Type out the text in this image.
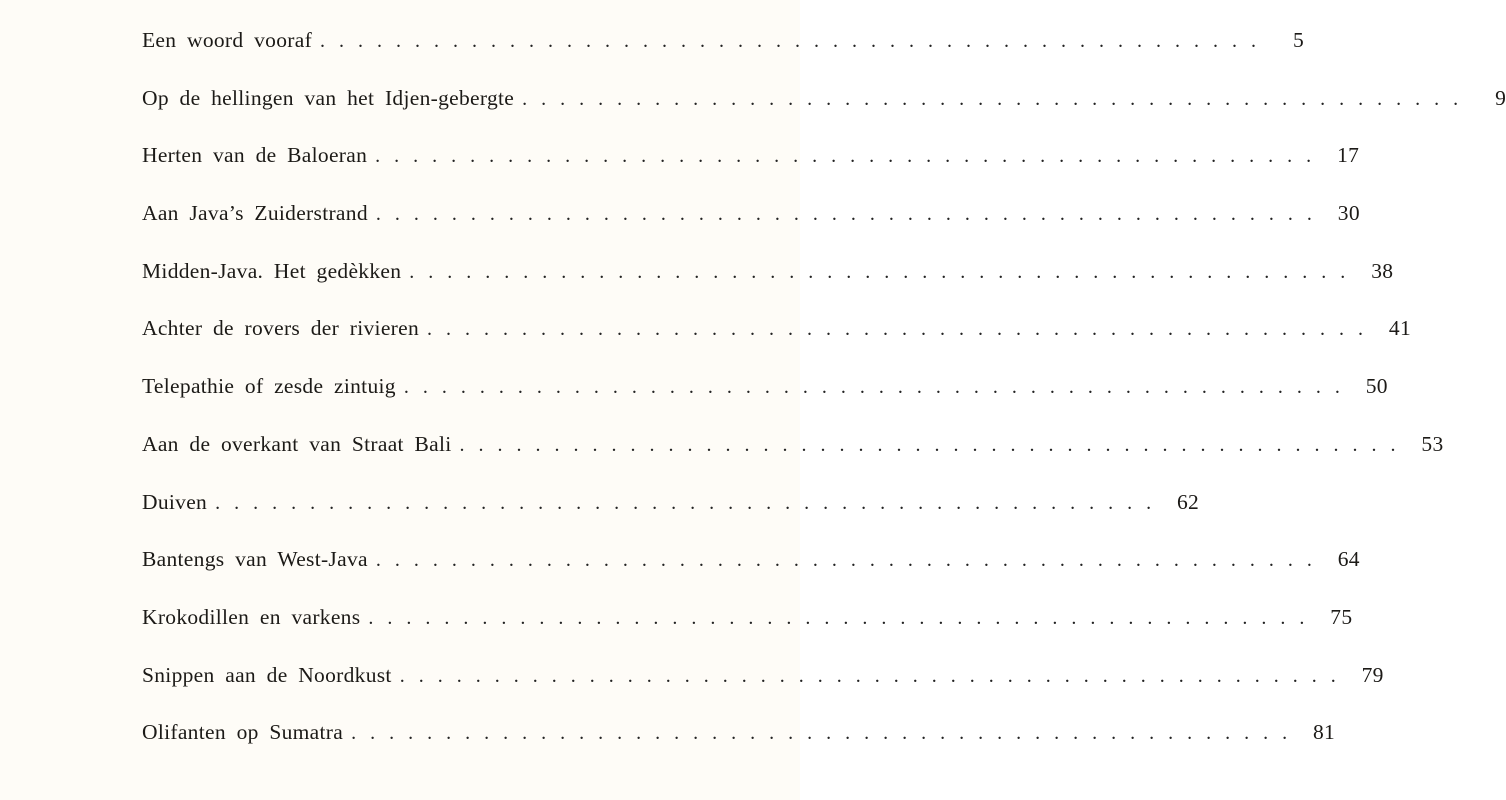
Een woord vooraf ..................................................	5
Op de hellingen van het Idjen-gebergte ..................................................	9
Herten van de Baloeran .................................................. 17
Aan Java’s Zuiderstrand .................................................. 30
Midden-Java. Het gedèkken .................................................. 38
Achter de rovers der rivieren .................................................. 41
Telepathie of zesde zintuig .................................................. 50
Aan de overkant van Straat Bali .................................................. 53
Duiven .................................................. 62
Bantengs van West-Java .................................................. 64
Krokodillen en varkens .................................................. 75
Snippen aan de Noordkust .................................................. 79
Olifanten op Sumatra .................................................. 81
